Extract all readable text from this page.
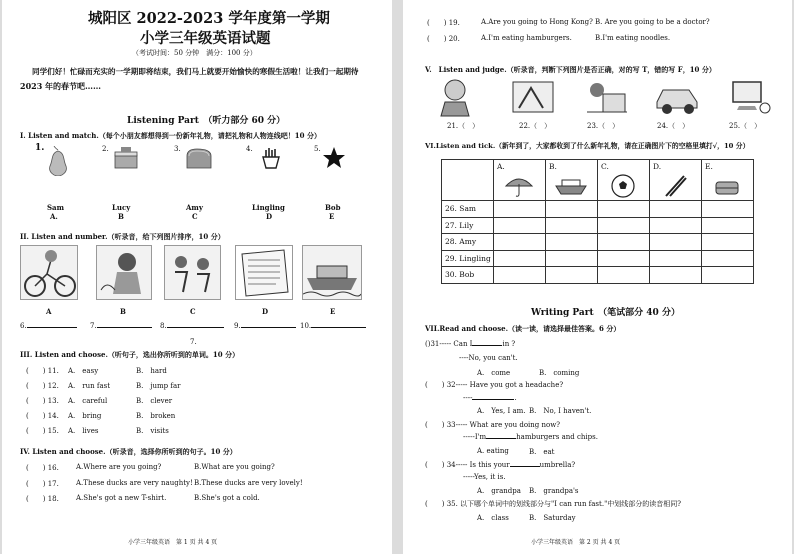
城阳区 2022-2023 学年度第一学期
小学三年级英语试题
（考试时间：50 分钟　满分：100 分）
同学们好！忙碌而充实的一学期即将结束，我们马上就要开始愉快的寒假生活啦！让我们一起期待
2023 年的春节吧……
Listening Part　（听力部分 60 分）
I. Listen and match.（每个小朋友都想得到一份新年礼物，请把礼物和人物连线吧！10 分）
1.	2.	3.	4.	5.
Sam	Lucy	Amy	Lingling	Bob
A.	B	C	D	E
II. Listen and number.（听录音，给下列图片排序，10 分）
A	B	C	D	E
6.	7.	8.	9.	10.
7.
III. Listen and choose.（听句子，选出你所听到的单词。10 分）
(　　) 11. A.　easy	B.　hard
(　　) 12. A.　run fast	B.　jump far
(　　) 13. A.　careful	B.　clever
(　　) 14. A.　bring	B.　broken
(　　) 15. A.　lives	B.　visits
IV. Listen and choose.（听录音，选择你所听到的句子。10 分）
(　　) 16. A.Where are you going?	B.What are you going?
(　　) 17. A.These ducks are very naughty! B.These ducks are very lovely!
(　　) 18. A.She's got a new T-shirt.	B.She's got a cold.
小学三年级英语　第 1 页 共 4 页
(　　) 19.	A.Are you going to Hong Kong? B. Are you going to be a doctor?
(　　) 20.	A.I'm eating hamburgers.	B.I'm eating noodles.
V.　Listen and judge.（听录音，判断下列图片是否正确，对的写 T，错的写 F，10 分）
21.（　）	22.（　）	23.（　）	24.（　）	25.（　）
VI.Listen and tick.（新年到了，大家都收到了什么新年礼物，请在正确图片下的空格里填打√，10 分）

	A.	B.	C.	D.	E.

26. Sam					
27. Lily					
28. Amy					
29. Lingling					
30. Bob					
Writing Part　（笔试部分 40 分）
VII.Read and choose.（读一读，请选择最佳答案。6 分）
()31----- Can I	in ?
----No, you can't.
A.　come	B.　coming
(　　 ) 32----- Have you got a headache?
----	.
A.　Yes, I am. B.　No, I haven't.
(　　 ) 33----- What are you doing now?
-----I'm	hamburgers and chips.
A. eating	B.　eat
(　　 ) 34----- Is this your	umbrella?
-----Yes, it is.
A.　grandpa B.　grandpa's
(　　 ) 35. 以下哪个单词中的划线部分与"I can run fast."中划线部分的读音相同?
A.　class	B.　Saturday
小学三年级英语　第 2 页 共 4 页
